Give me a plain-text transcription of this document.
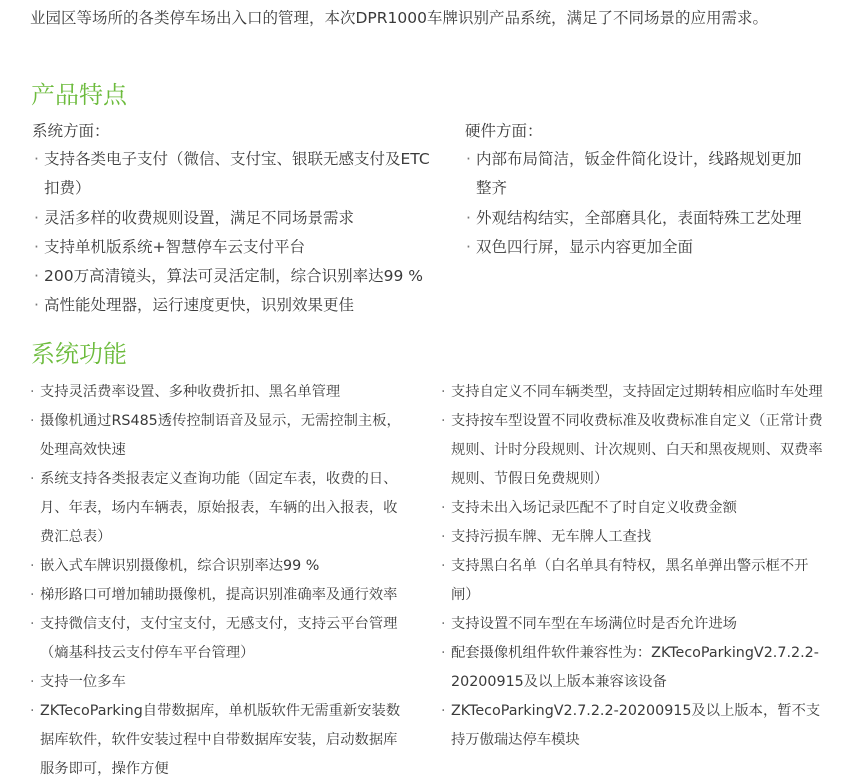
业园区等场所的各类停车场出入口的管理，本次DPR1000车牌识别产品系统，满足了不同场景的应用需求。
产品特点
系统方面：	硬件方面：
· 支持各类电子支付（微信、支付宝、银联无感支付及ETC扣费）
· 灵活多样的收费规则设置，满足不同场景需求
· 支持单机版系统+智慧停车云支付平台
· 200万高清镜头，算法可灵活定制，综合识别率达99 %
· 高性能处理器，运行速度更快，识别效果更佳
· 内部布局简洁，钣金件简化设计，线路规划更加整齐
· 外观结构结实，全部磨具化，表面特殊工艺处理
· 双色四行屏，显示内容更加全面
系统功能
· 支持灵活费率设置、多种收费折扣、黑名单管理
· 摄像机通过RS485透传控制语音及显示，无需控制主板，处理高效快速
· 系统支持各类报表定义查询功能（固定车表，收费的日、月、年表，场内车辆表，原始报表，车辆的出入报表，收费汇总表）
· 嵌入式车牌识别摄像机，综合识别率达99 %
· 梯形路口可增加辅助摄像机，提高识别准确率及通行效率
· 支持微信支付，支付宝支付，无感支付，支持云平台管理（熵基科技云支付停车平台管理）
· 支持一位多车
· ZKTecoParking自带数据库，单机版软件无需重新安装数据库软件，软件安装过程中自带数据库安装，启动数据库服务即可，操作方便
· 支持自定义不同车辆类型，支持固定过期转相应临时车处理
· 支持按车型设置不同收费标准及收费标准自定义（正常计费规则、计时分段规则、计次规则、白天和黑夜规则、双费率规则、节假日免费规则）
· 支持未出入场记录匹配不了时自定义收费金额
· 支持污损车牌、无车牌人工查找
· 支持黑白名单（白名单具有特权，黑名单弹出警示框不开闸）
· 支持设置不同车型在车场满位时是否允许进场
· 配套摄像机组件软件兼容性为：ZKTecoParkingV2.7.2.2-20200915及以上版本兼容该设备
· ZKTecoParkingV2.7.2.2-20200915及以上版本，暂不支持万傲瑞达停车模块
